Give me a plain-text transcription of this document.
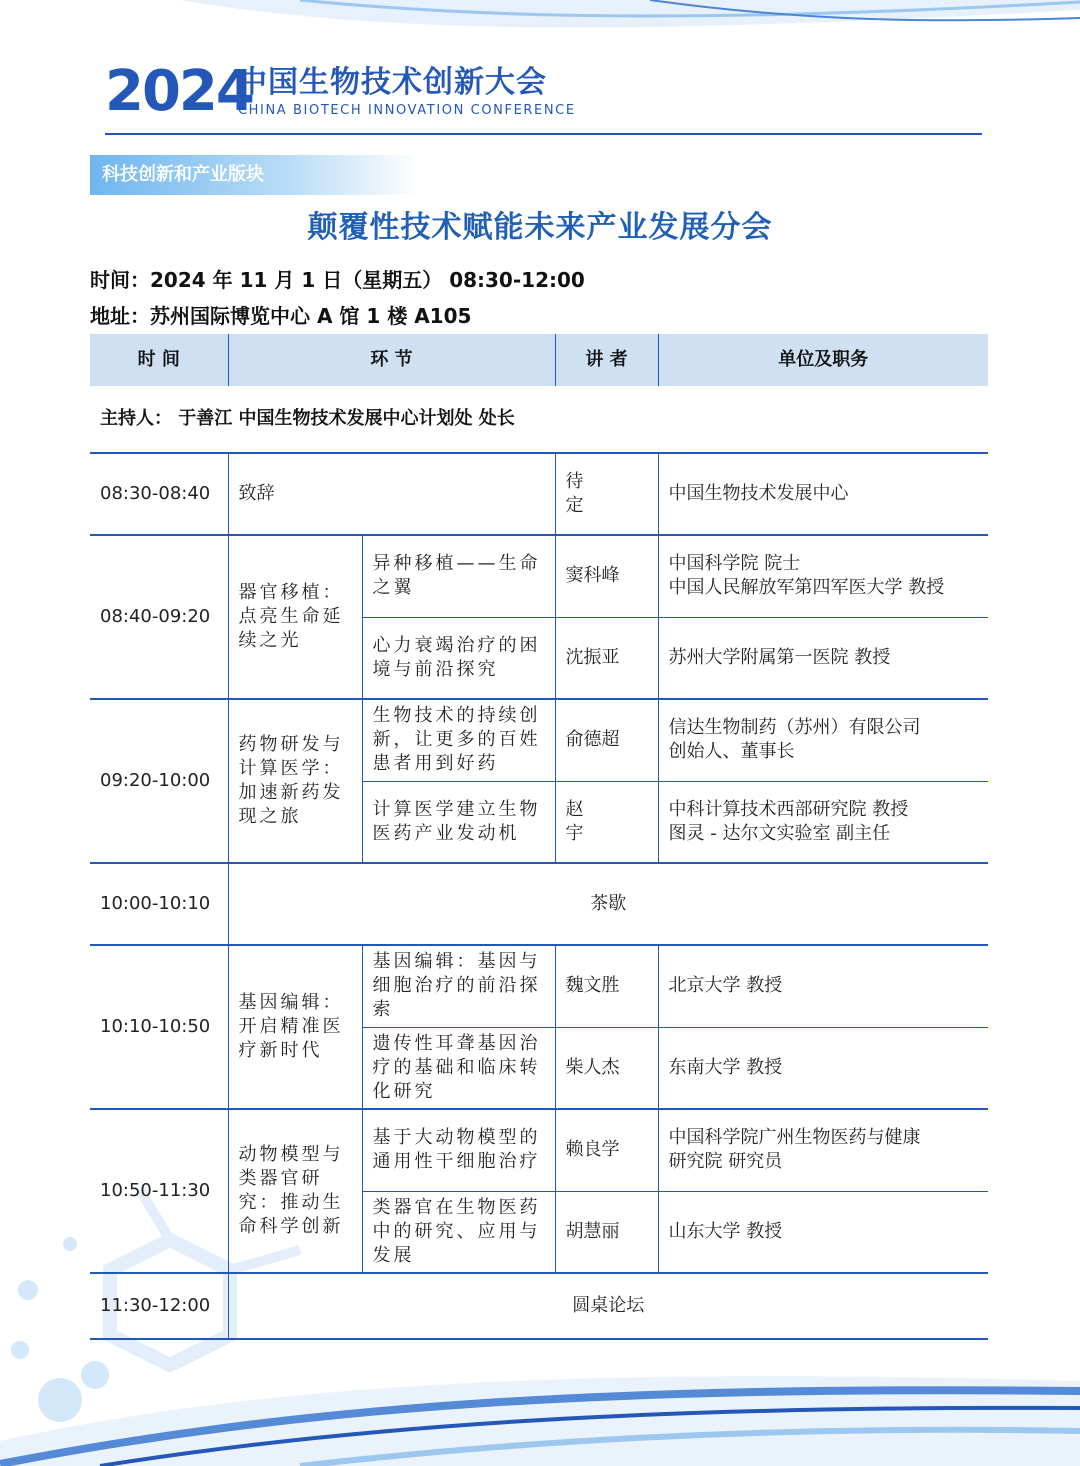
2024
中国生物技术创新大会
CHINA BIOTECH INNOVATION CONFERENCE
科技创新和产业版块
颠覆性技术赋能未来产业发展分会
时间：2024 年 11 月 1 日（星期五） 08:30-12:00
地址：苏州国际博览中心 A 馆 1 楼 A105
时 间	环 节		讲 者	单位及职务
主持人： 于善江 中国生物技术发展中心计划处 处长				
08:30-08:40	致辞		待 定	中国生物技术发展中心

08:40-09:20	器官移植：点亮生命延续之光	异种移植——生命之翼	窦科峰	中国科学院 院士
中国人民解放军第四军医大学 教授

		心力衰竭治疗的困境与前沿探究	沈振亚	苏州大学附属第一医院 教授

09:20-10:00	药物研发与计算医学：加速新药发现之旅	生物技术的持续创新，让更多的百姓患者用到好药	俞德超	信达生物制药（苏州）有限公司
创始人、董事长

		计算医学建立生物医药产业发动机	赵 宇	中科计算技术西部研究院 教授
图灵 - 达尔文实验室 副主任

10:00-10:10	茶歇			
10:10-10:50	基因编辑：开启精准医疗新时代	基因编辑：基因与细胞治疗的前沿探索	魏文胜	北京大学 教授

		遗传性耳聋基因治疗的基础和临床转化研究	柴人杰	东南大学 教授

10:50-11:30	动物模型与类器官研究：推动生命科学创新	基于大动物模型的通用性干细胞治疗	赖良学	中国科学院广州生物医药与健康
研究院 研究员

		类器官在生物医药中的研究、应用与发展	胡慧丽	山东大学 教授

11:30-12:00	圆桌论坛			
